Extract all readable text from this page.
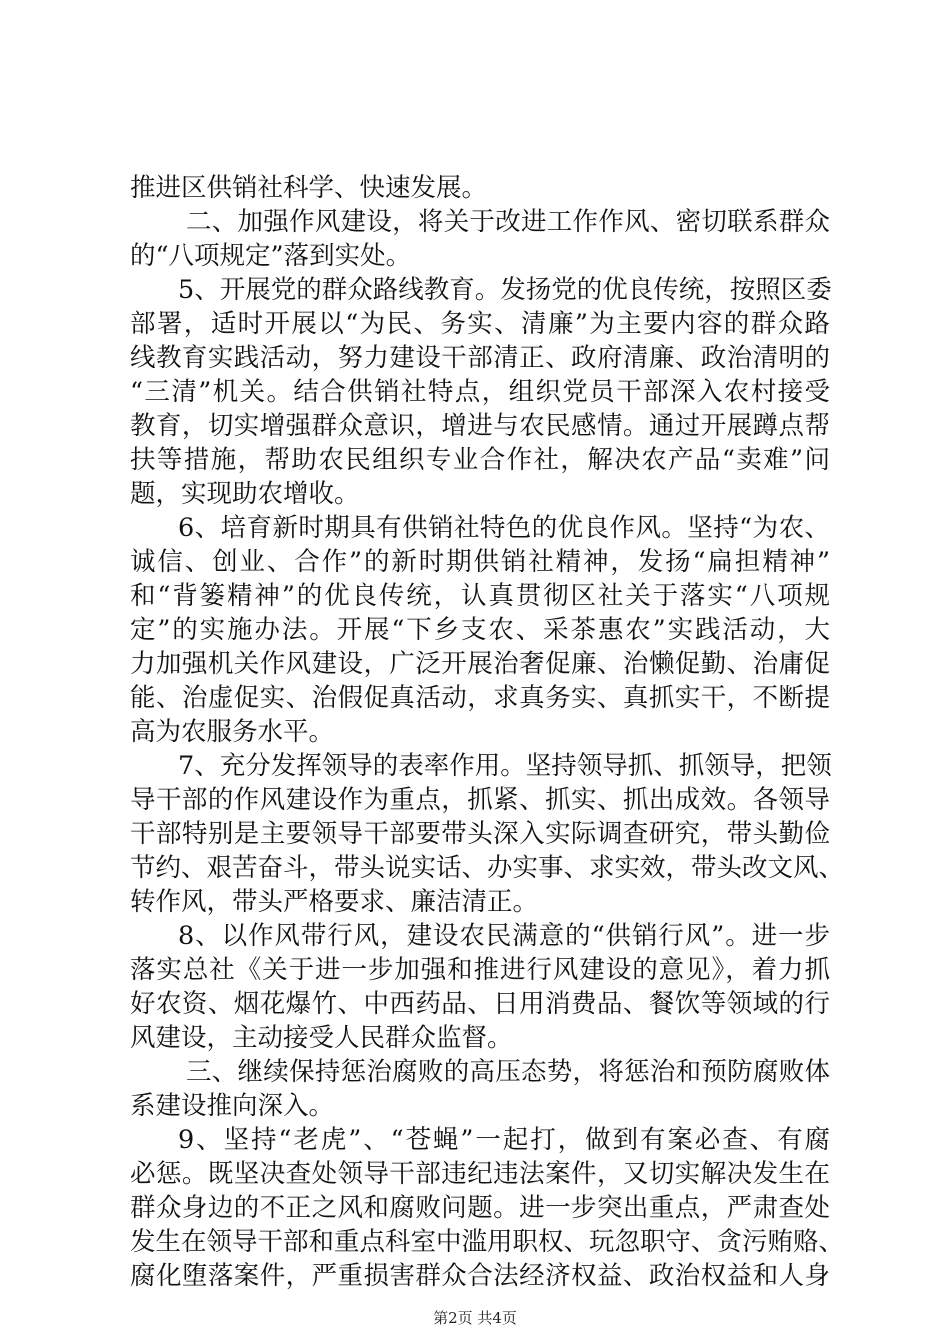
推进区供销社科学、快速发展。
二、加强作风建设，将关于改进工作作风、密切联系群众
的“八项规定”落到实处。
5、开展党的群众路线教育。发扬党的优良传统，按照区委
部署，适时开展以“为民、务实、清廉”为主要内容的群众路
线教育实践活动，努力建设干部清正、政府清廉、政治清明的
“三清”机关。结合供销社特点，组织党员干部深入农村接受
教育，切实增强群众意识，增进与农民感情。通过开展蹲点帮
扶等措施，帮助农民组织专业合作社，解决农产品“卖难”问
题，实现助农增收。
6、培育新时期具有供销社特色的优良作风。坚持“为农、
诚信、创业、合作”的新时期供销社精神，发扬“扁担精神”
和“背篓精神”的优良传统，认真贯彻区社关于落实“八项规
定”的实施办法。开展“下乡支农、采茶惠农”实践活动，大
力加强机关作风建设，广泛开展治奢促廉、治懒促勤、治庸促
能、治虚促实、治假促真活动，求真务实、真抓实干，不断提
高为农服务水平。
7、充分发挥领导的表率作用。坚持领导抓、抓领导，把领
导干部的作风建设作为重点，抓紧、抓实、抓出成效。各领导
干部特别是主要领导干部要带头深入实际调查研究，带头勤俭
节约、艰苦奋斗，带头说实话、办实事、求实效，带头改文风、
转作风，带头严格要求、廉洁清正。
8、以作风带行风，建设农民满意的“供销行风”。进一步
落实总社《关于进一步加强和推进行风建设的意见》，着力抓
好农资、烟花爆竹、中西药品、日用消费品、餐饮等领域的行
风建设，主动接受人民群众监督。
三、继续保持惩治腐败的高压态势，将惩治和预防腐败体
系建设推向深入。
9、坚持“老虎”、“苍蝇”一起打，做到有案必查、有腐
必惩。既坚决查处领导干部违纪违法案件，又切实解决发生在
群众身边的不正之风和腐败问题。进一步突出重点，严肃查处
发生在领导干部和重点科室中滥用职权、玩忽职守、贪污贿赂、
腐化堕落案件，严重损害群众合法经济权益、政治权益和人身
第2页 共4页
